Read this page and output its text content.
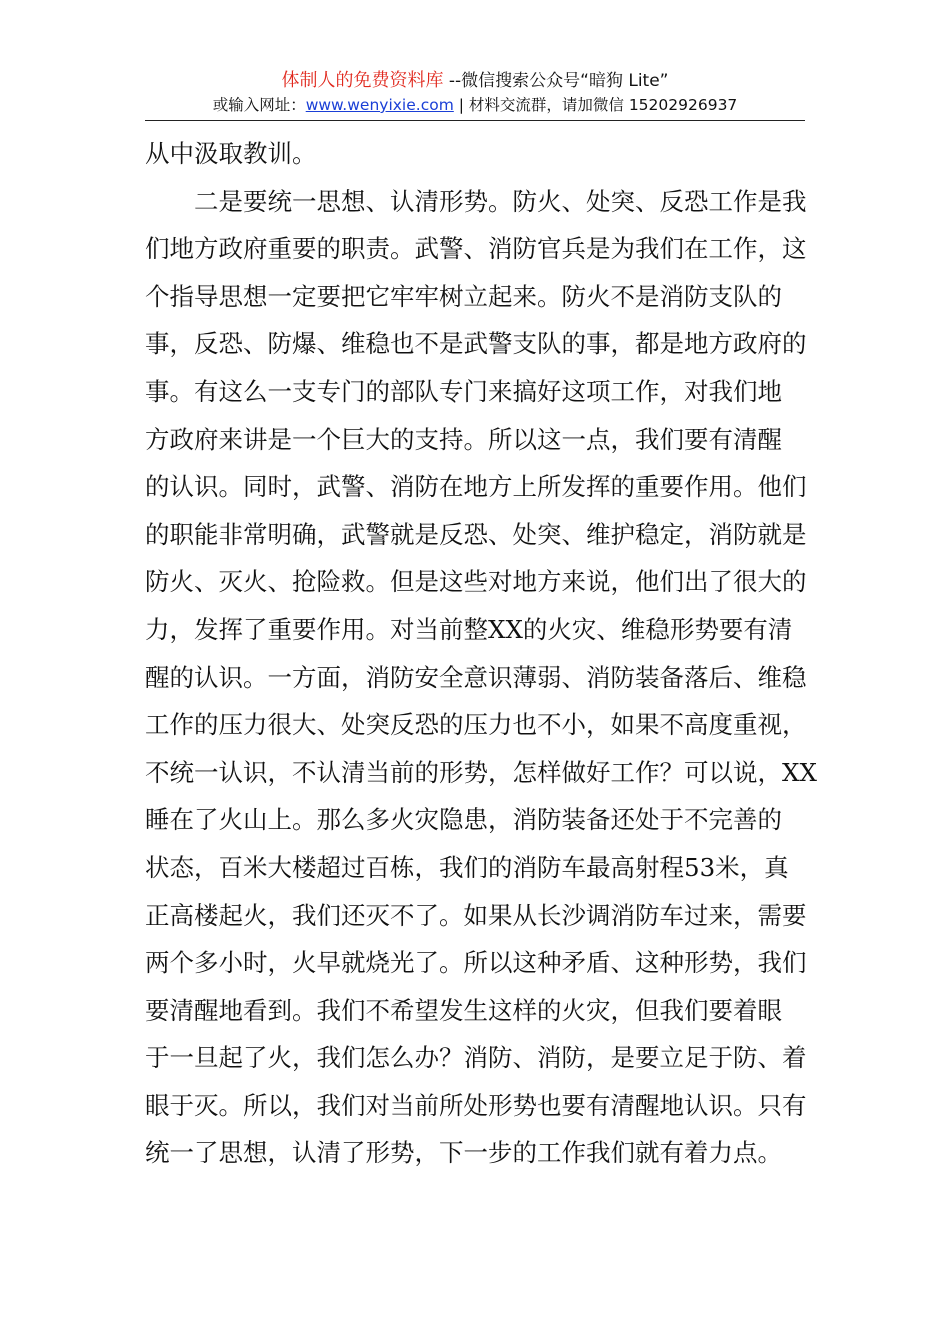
体制人的免费资料库 --微信搜索公众号“暗狗 Lite”
或输入网址：www.wenyixie.com | 材料交流群，请加微信 15202926937
从中汲取教训。
　　二是要统一思想、认清形势。防火、处突、反恐工作是我
们地方政府重要的职责。武警、消防官兵是为我们在工作，这
个指导思想一定要把它牢牢树立起来。防火不是消防支队的
事，反恐、防爆、维稳也不是武警支队的事，都是地方政府的
事。有这么一支专门的部队专门来搞好这项工作，对我们地
方政府来讲是一个巨大的支持。所以这一点，我们要有清醒
的认识。同时，武警、消防在地方上所发挥的重要作用。他们
的职能非常明确，武警就是反恐、处突、维护稳定，消防就是
防火、灭火、抢险救。但是这些对地方来说，他们出了很大的
力，发挥了重要作用。对当前整XX的火灾、维稳形势要有清
醒的认识。一方面，消防安全意识薄弱、消防装备落后、维稳
工作的压力很大、处突反恐的压力也不小，如果不高度重视，
不统一认识，不认清当前的形势，怎样做好工作？可以说，XX
睡在了火山上。那么多火灾隐患，消防装备还处于不完善的
状态，百米大楼超过百栋，我们的消防车最高射程53米，真
正高楼起火，我们还灭不了。如果从长沙调消防车过来，需要
两个多小时，火早就烧光了。所以这种矛盾、这种形势，我们
要清醒地看到。我们不希望发生这样的火灾，但我们要着眼
于一旦起了火，我们怎么办？消防、消防，是要立足于防、着
眼于灭。所以，我们对当前所处形势也要有清醒地认识。只有
统一了思想，认清了形势，下一步的工作我们就有着力点。
